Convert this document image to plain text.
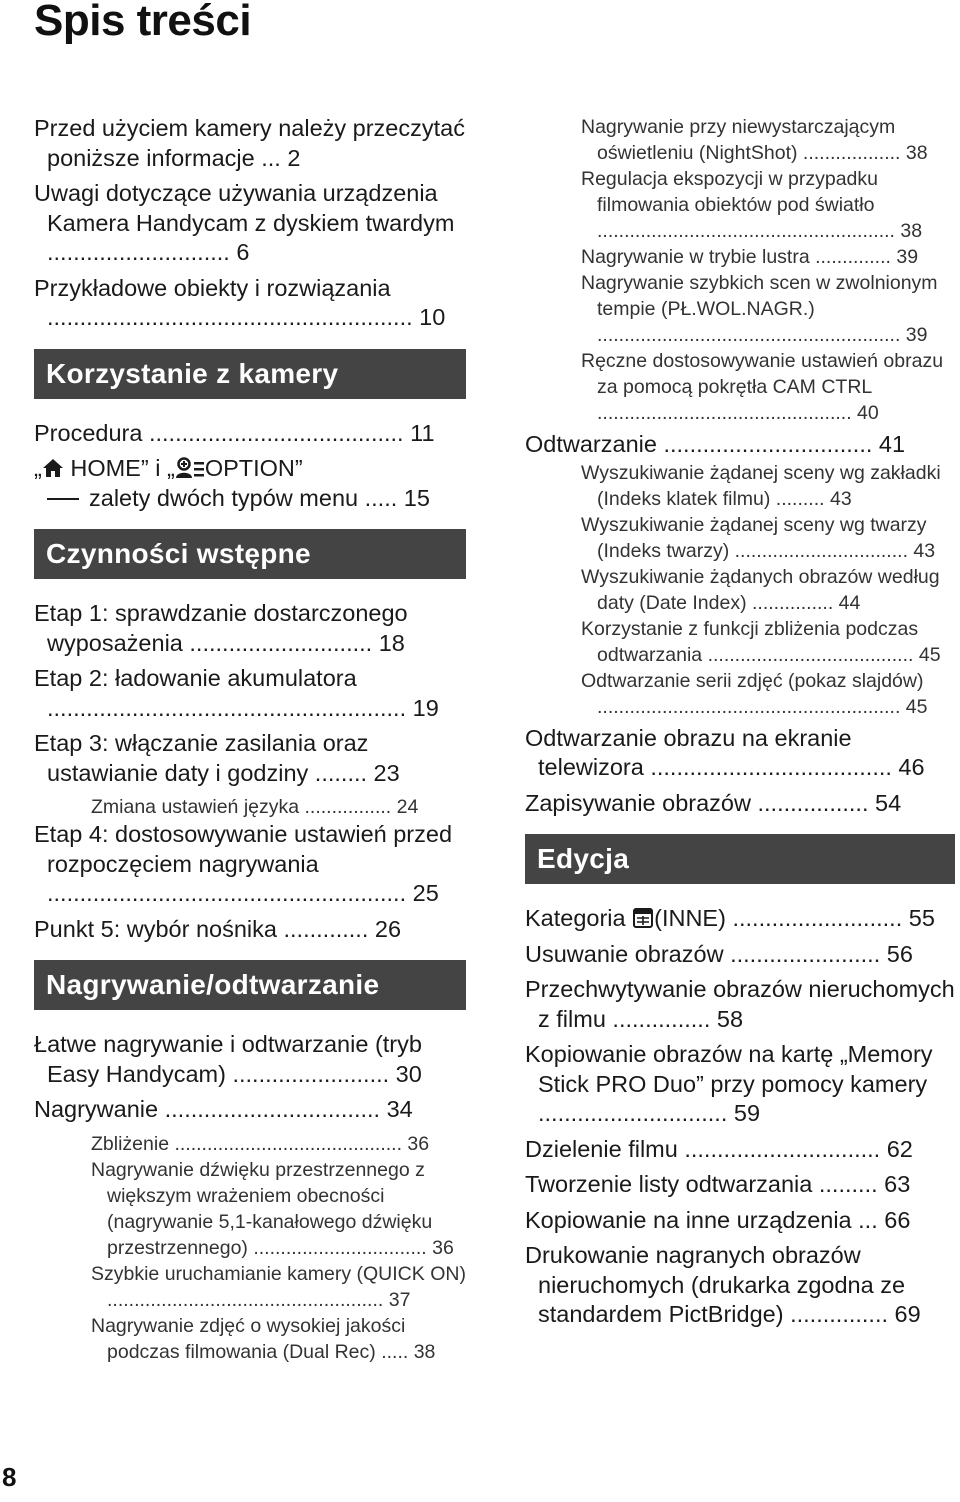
Spis treści

Przed użyciem kamery należy przeczytać poniższe informacje ... 2

Uwagi dotyczące używania urządzenia Kamera Handycam z dyskiem twardym ............................ 6

Przykładowe obiekty i rozwiązania ........................................................ 10

Korzystanie z kamery

Procedura ....................................... 11

„ HOME” i „ OPTION”
zalety dwóch typów menu ..... 15

Czynności wstępne

Etap 1: sprawdzanie dostarczonego wyposażenia ............................ 18

Etap 2: ładowanie akumulatora ....................................................... 19

Etap 3: włączanie zasilania oraz ustawianie daty i godziny ........ 23

Zmiana ustawień języka ................ 24

Etap 4: dostosowywanie ustawień przed rozpoczęciem nagrywania ....................................................... 25

Punkt 5: wybór nośnika ............. 26

Nagrywanie/odtwarzanie

Łatwe nagrywanie i odtwarzanie (tryb Easy Handycam) ........................ 30

Nagrywanie ................................. 34

Zbliżenie .......................................... 36

Nagrywanie dźwięku przestrzennego z większym wrażeniem obecności (nagrywanie 5,1-kanałowego dźwięku przestrzennego) ................................ 36

Szybkie uruchamianie kamery (QUICK ON) ................................................... 37

Nagrywanie zdjęć o wysokiej jakości podczas filmowania (Dual Rec) ..... 38

Nagrywanie przy niewystarczającym oświetleniu (NightShot) .................. 38

Regulacja ekspozycji w przypadku filmowania obiektów pod światło ....................................................... 38

Nagrywanie w trybie lustra .............. 39

Nagrywanie szybkich scen w zwolnionym tempie (PŁ.WOL.NAGR.) ........................................................ 39

Ręczne dostosowywanie ustawień obrazu za pomocą pokrętła CAM CTRL ............................................... 40

Odtwarzanie ................................ 41

Wyszukiwanie żądanej sceny wg zakładki (Indeks klatek filmu) ......... 43

Wyszukiwanie żądanej sceny wg twarzy (Indeks twarzy) ................................ 43

Wyszukiwanie żądanych obrazów według daty (Date Index) ............... 44

Korzystanie z funkcji zbliżenia podczas odtwarzania ...................................... 45

Odtwarzanie serii zdjęć (pokaz slajdów) ........................................................ 45

Odtwarzanie obrazu na ekranie telewizora ..................................... 46

Zapisywanie obrazów ................. 54

Edycja

Kategoria (INNE) .......................... 55

Usuwanie obrazów ....................... 56

Przechwytywanie obrazów nieruchomych z filmu ............... 58

Kopiowanie obrazów na kartę „Memory Stick PRO Duo” przy pomocy kamery ............................. 59

Dzielenie filmu .............................. 62

Tworzenie listy odtwarzania ......... 63

Kopiowanie na inne urządzenia ... 66

Drukowanie nagranych obrazów nieruchomych (drukarka zgodna ze standardem PictBridge) ............... 69

8
